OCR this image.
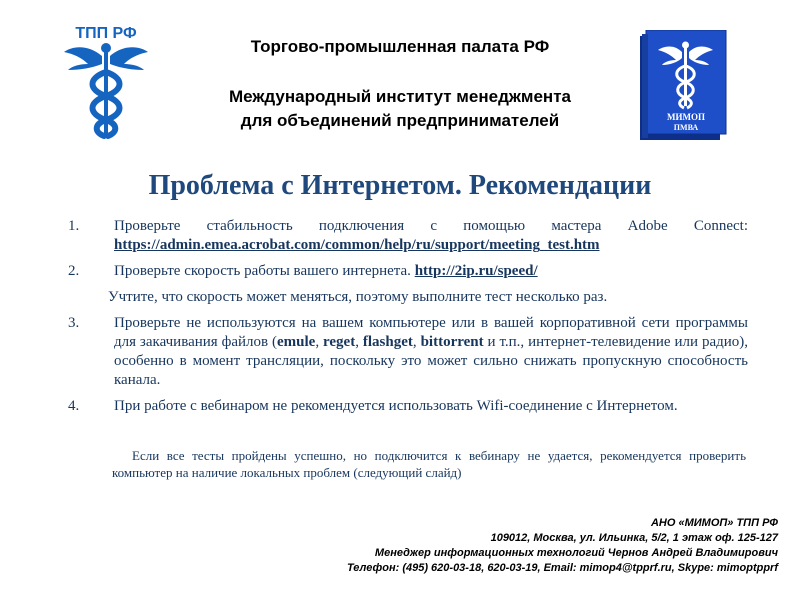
ТПП РФ
Торгово-промышленная палата РФ
Международный институт менеджмента
для объединений предпринимателей	МИМОП
ПМВА
Проблема с Интернетом. Рекомендации
1.	Проверьте стабильность подключения с помощью мастера Adobe Connect: https://admin.emea.acrobat.com/common/help/ru/support/meeting_test.htm
2.	Проверьте скорость работы вашего интернета. http://2ip.ru/speed/
Учтите, что скорость может меняться, поэтому выполните тест несколько раз.
3.	Проверьте не используются на вашем компьютере или в вашей корпоративной сети программы для закачивания файлов (emule, reget, flashget, bittorrent и т.п., интернет-телевидение или радио), особенно в момент трансляции, поскольку это может сильно снижать пропускную способность канала.
4.	При работе с вебинаром не рекомендуется использовать Wifi-соединение с Интернетом.
Если все тесты пройдены успешно, но подключится к вебинару не удается, рекомендуется проверить компьютер на наличие локальных проблем (следующий слайд)
АНО «МИМОП» ТПП РФ
109012, Москва, ул. Ильинка, 5/2, 1 этаж оф. 125-127
Менеджер информационных технологий Чернов Андрей Владимирович
Телефон: (495) 620-03-18, 620-03-19, Email: mimop4@tpprf.ru, Skype: mimoptpprf
